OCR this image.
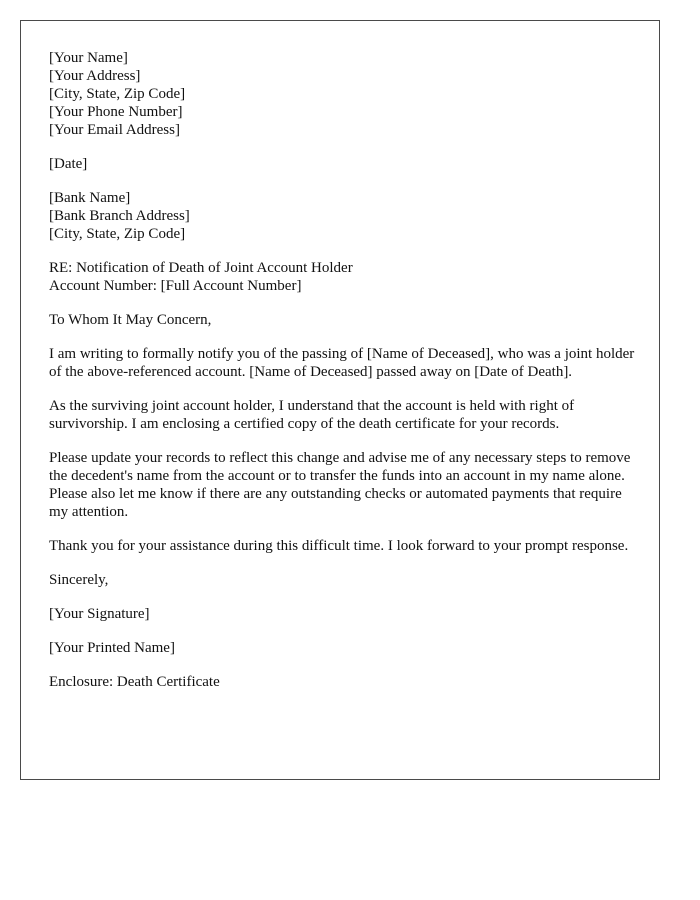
[Your Name]
[Your Address]
[City, State, Zip Code]
[Your Phone Number]
[Your Email Address]
[Date]
[Bank Name]
[Bank Branch Address]
[City, State, Zip Code]
RE: Notification of Death of Joint Account Holder
Account Number: [Full Account Number]

To Whom It May Concern,

I am writing to formally notify you of the passing of [Name of Deceased], who was a joint holder of the above-referenced account. [Name of Deceased] passed away on [Date of Death].

As the surviving joint account holder, I understand that the account is held with right of survivorship. I am enclosing a certified copy of the death certificate for your records.

Please update your records to reflect this change and advise me of any necessary steps to remove the decedent's name from the account or to transfer the funds into an account in my name alone. Please also let me know if there are any outstanding checks or automated payments that require my attention.

Thank you for your assistance during this difficult time. I look forward to your prompt response.

Sincerely,

[Your Signature]

[Your Printed Name]

Enclosure: Death Certificate
